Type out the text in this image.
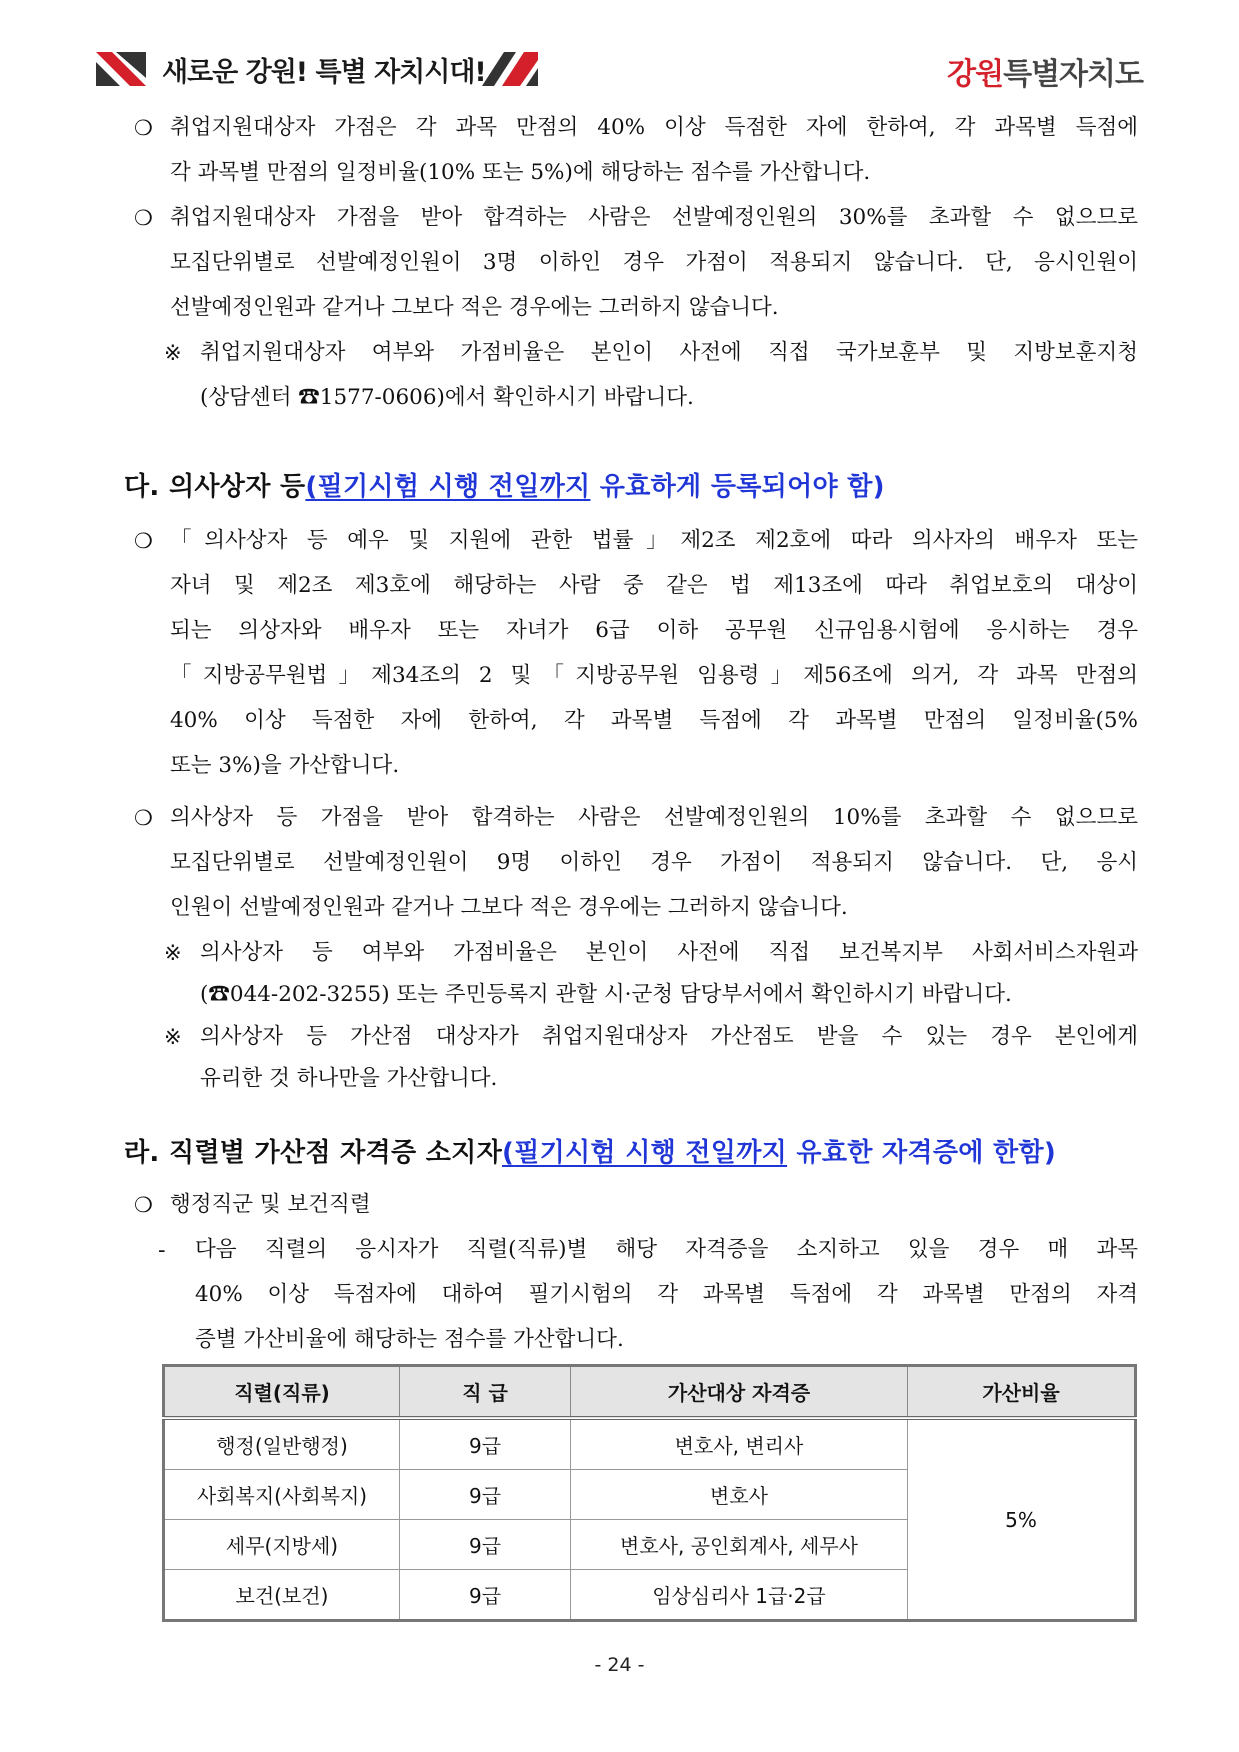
새로운 강원! 특별 자치시대!	강원특별자치도
❍ 취업지원대상자 가점은 각 과목 만점의 40% 이상 득점한 자에 한하여, 각 과목별 득점에
각 과목별 만점의 일정비율(10% 또는 5%)에 해당하는 점수를 가산합니다.
❍ 취업지원대상자 가점을 받아 합격하는 사람은 선발예정인원의 30%를 초과할 수 없으므로
모집단위별로 선발예정인원이 3명 이하인 경우 가점이 적용되지 않습니다. 단, 응시인원이
선발예정인원과 같거나 그보다 적은 경우에는 그러하지 않습니다.
※ 취업지원대상자 여부와 가점비율은 본인이 사전에 직접 국가보훈부 및 지방보훈지청
(상담센터 ☎1577-0606)에서 확인하시기 바랍니다.
다. 의사상자 등(필기시험 시행 전일까지 유효하게 등록되어야 함)
❍ 「의사상자 등 예우 및 지원에 관한 법률」제2조 제2호에 따라 의사자의 배우자 또는
자녀 및 제2조 제3호에 해당하는 사람 중 같은 법 제13조에 따라 취업보호의 대상이
되는 의상자와 배우자 또는 자녀가 6급 이하 공무원 신규임용시험에 응시하는 경우
「지방공무원법」제34조의 2 및「지방공무원 임용령」제56조에 의거, 각 과목 만점의
40% 이상 득점한 자에 한하여, 각 과목별 득점에 각 과목별 만점의 일정비율(5%
또는 3%)을 가산합니다.
❍ 의사상자 등 가점을 받아 합격하는 사람은 선발예정인원의 10%를 초과할 수 없으므로
모집단위별로 선발예정인원이 9명 이하인 경우 가점이 적용되지 않습니다. 단, 응시
인원이 선발예정인원과 같거나 그보다 적은 경우에는 그러하지 않습니다.
※ 의사상자 등 여부와 가점비율은 본인이 사전에 직접 보건복지부 사회서비스자원과
(☎044-202-3255) 또는 주민등록지 관할 시·군청 담당부서에서 확인하시기 바랍니다.
※ 의사상자 등 가산점 대상자가 취업지원대상자 가산점도 받을 수 있는 경우 본인에게
유리한 것 하나만을 가산합니다.
라. 직렬별 가산점 자격증 소지자(필기시험 시행 전일까지 유효한 자격증에 한함)
❍ 행정직군 및 보건직렬
- 다음 직렬의 응시자가 직렬(직류)별 해당 자격증을 소지하고 있을 경우 매 과목
40% 이상 득점자에 대하여 필기시험의 각 과목별 득점에 각 과목별 만점의 자격
증별 가산비율에 해당하는 점수를 가산합니다.
직렬(직류)	직 급	가산대상 자격증	가산비율
행정(일반행정)	9급	변호사, 변리사	5%
사회복지(사회복지)	9급	변호사	
세무(지방세)	9급	변호사, 공인회계사, 세무사	
보건(보건)	9급	임상심리사 1급·2급	
- 24 -
